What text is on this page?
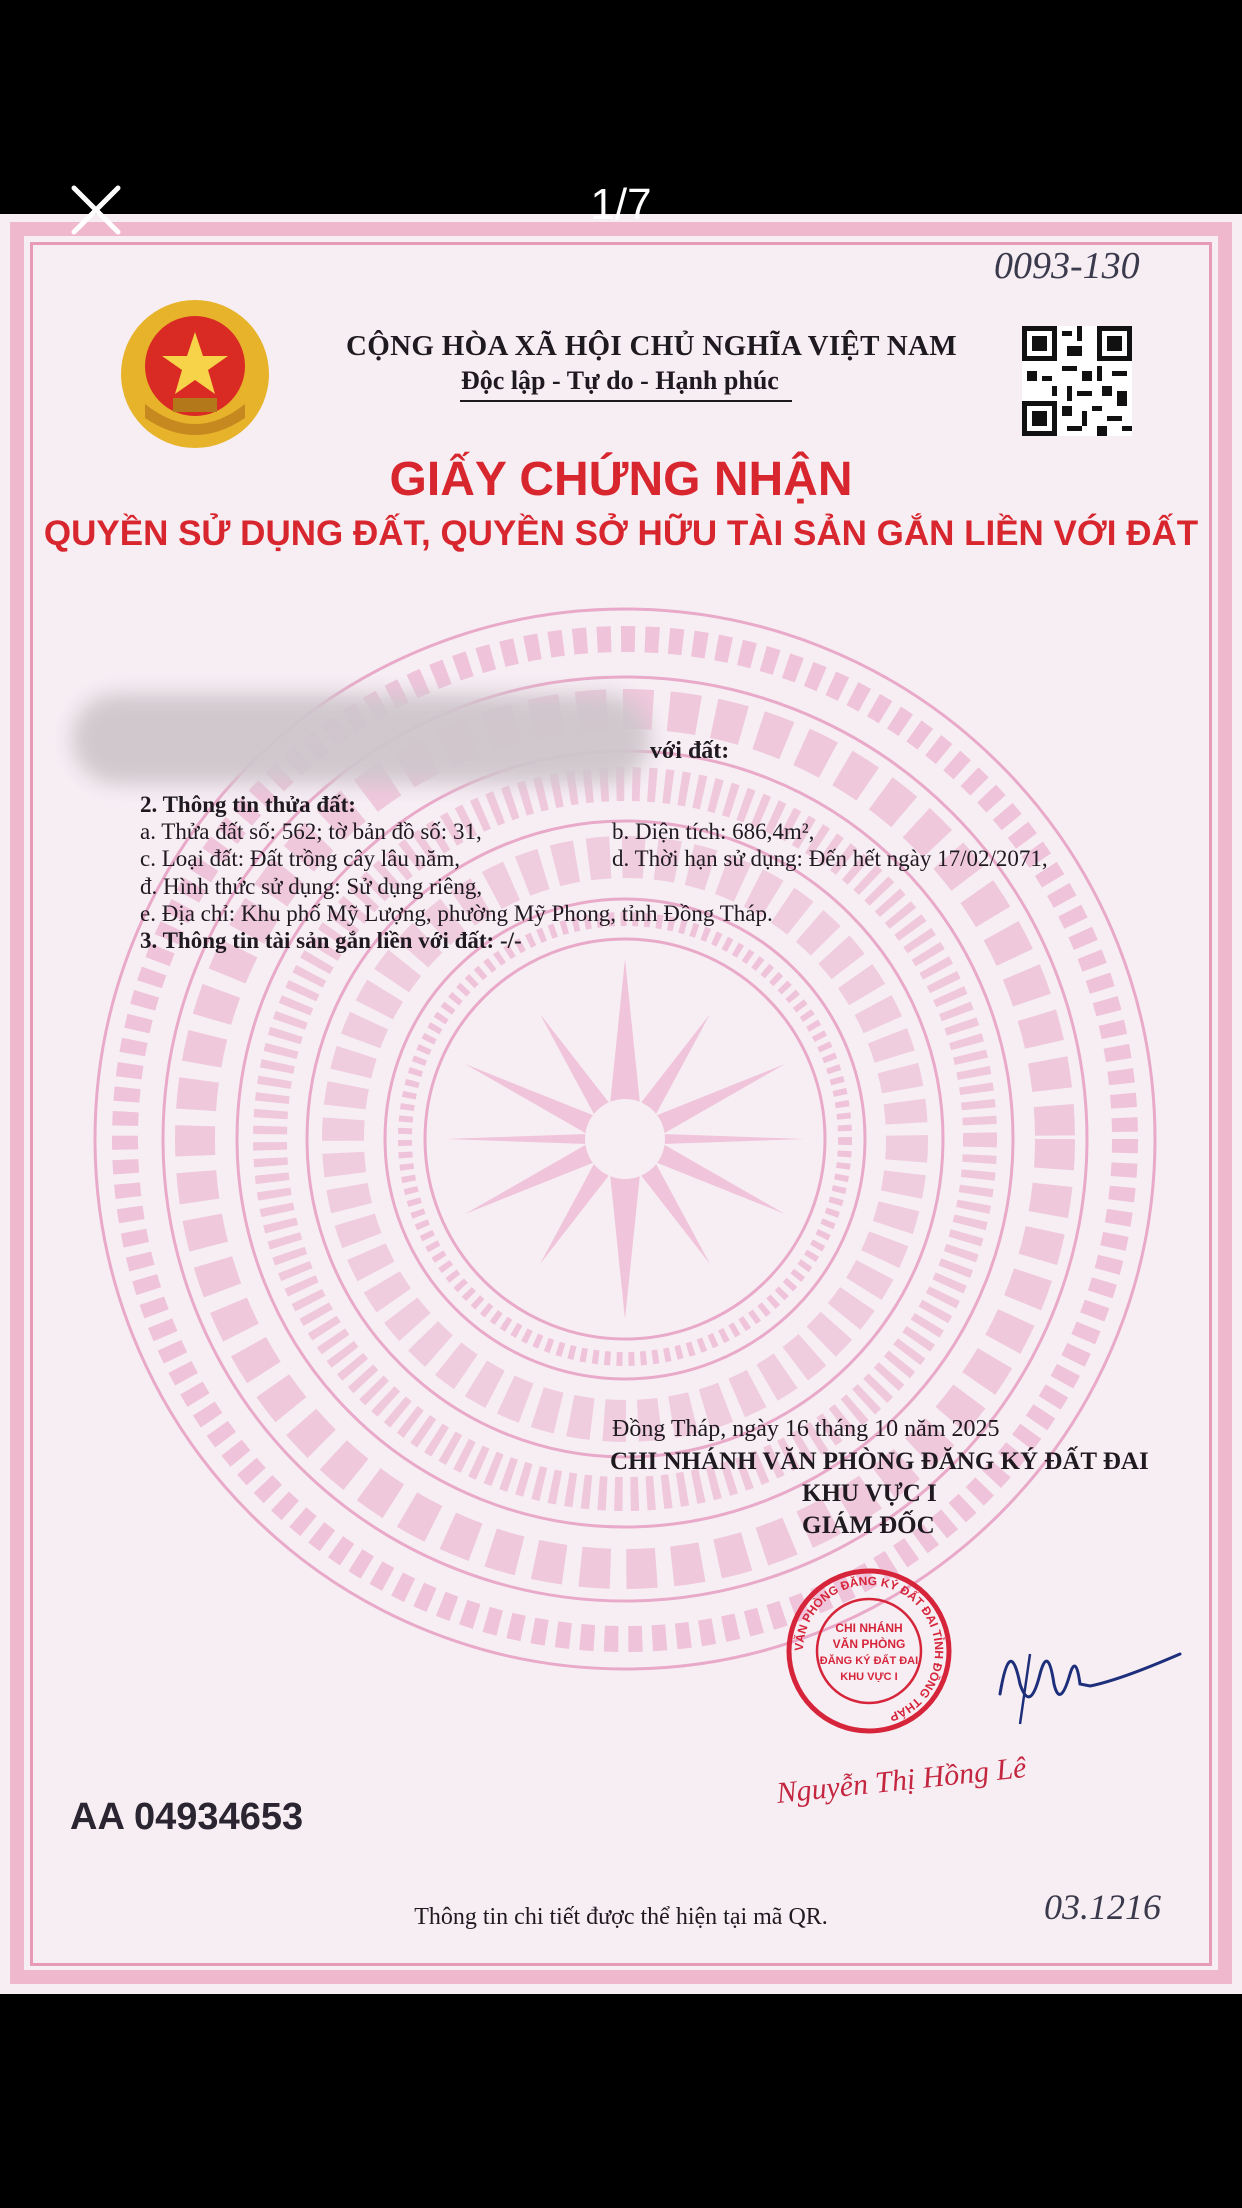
1/7
0093-130
CỘNG HÒA XÃ HỘI CHỦ NGHĨA VIỆT NAM
Độc lập - Tự do - Hạnh phúc
GIẤY CHỨNG NHẬN
QUYỀN SỬ DỤNG ĐẤT, QUYỀN SỞ HỮU TÀI SẢN GẮN LIỀN VỚI ĐẤT
với đất:
2. Thông tin thửa đất:
a. Thửa đất số: 562; tờ bản đồ số: 31,	b. Diện tích: 686,4m²,
c. Loại đất: Đất trồng cây lâu năm,	d. Thời hạn sử dụng: Đến hết ngày 17/02/2071,
đ. Hình thức sử dụng: Sử dụng riêng,
e. Địa chỉ: Khu phố Mỹ Lượng, phường Mỹ Phong, tỉnh Đồng Tháp.
3. Thông tin tài sản gắn liền với đất: -/-
Đồng Tháp, ngày 16 tháng 10 năm 2025
CHI NHÁNH VĂN PHÒNG ĐĂNG KÝ ĐẤT ĐAI
KHU VỰC I
GIÁM ĐỐC
VĂN PHÒNG ĐĂNG KÝ ĐẤT ĐAI TỈNH ĐỒNG THÁP
CHI NHÁNH
VĂN PHÒNG
ĐĂNG KÝ ĐẤT ĐAI
KHU VỰC I
Nguyễn Thị Hồng Lê
AA 04934653
Thông tin chi tiết được thể hiện tại mã QR.	03.1216
